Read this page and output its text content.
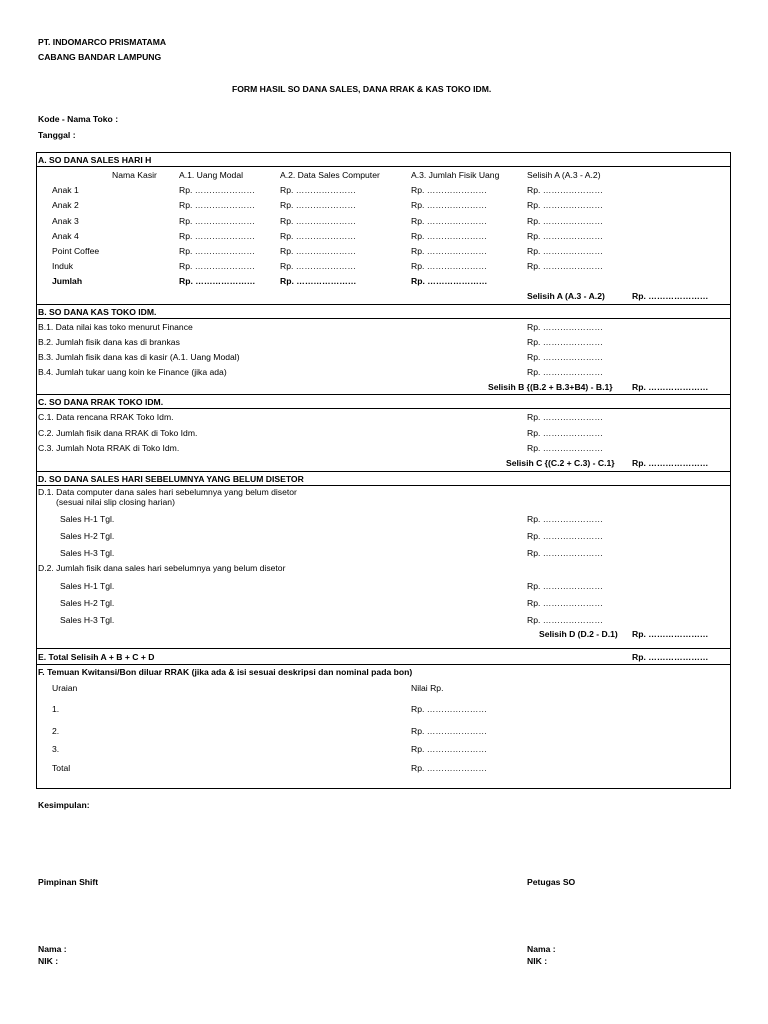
PT. INDOMARCO PRISMATAMA
CABANG BANDAR LAMPUNG
FORM HASIL SO DANA SALES, DANA RRAK & KAS TOKO IDM.
Kode - Nama Toko :
Tanggal :
A. SO DANA SALES HARI H
Nama Kasir	A.1. Uang Modal	A.2. Data Sales Computer	A.3. Jumlah Fisik Uang	Selisih A (A.3 - A.2)
Anak 1	Rp. …………………	Rp. …………………	Rp. …………………	Rp. …………………
Anak 2	Rp. …………………	Rp. …………………	Rp. …………………	Rp. …………………
Anak 3	Rp. …………………	Rp. …………………	Rp. …………………	Rp. …………………
Anak 4	Rp. …………………	Rp. …………………	Rp. …………………	Rp. …………………
Point Coffee	Rp. …………………	Rp. …………………	Rp. …………………	Rp. …………………
Induk	Rp. …………………	Rp. …………………	Rp. …………………	Rp. …………………
Jumlah	Rp. …………………	Rp. …………………	Rp. …………………
Selisih A (A.3 - A.2)	Rp. …………………
B. SO DANA KAS TOKO IDM.
B.1. Data nilai kas toko menurut Finance	Rp. …………………
B.2. Jumlah fisik dana kas di brankas	Rp. …………………
B.3. Jumlah fisik dana kas di kasir (A.1. Uang Modal)	Rp. …………………
B.4. Jumlah tukar uang koin ke Finance (jika ada)	Rp. …………………
Selisih B {(B.2 + B.3+B4) - B.1} Rp. …………………
C. SO DANA RRAK TOKO IDM.
C.1. Data rencana RRAK Toko Idm.	Rp. …………………
C.2. Jumlah fisik dana RRAK di Toko Idm.	Rp. …………………
C.3. Jumlah Nota RRAK di Toko Idm.	Rp. …………………
Selisih C {(C.2 + C.3) - C.1} Rp. …………………
D. SO DANA SALES HARI SEBELUMNYA YANG BELUM DISETOR
D.1. Data computer dana sales hari sebelumnya yang belum disetor
(sesuai nilai slip closing harian)
Sales H-1 Tgl.	Rp. …………………
Sales H-2 Tgl.	Rp. …………………
Sales H-3 Tgl.	Rp. …………………
D.2. Jumlah fisik dana sales hari sebelumnya yang belum disetor
Sales H-1 Tgl.	Rp. …………………
Sales H-2 Tgl.	Rp. …………………
Sales H-3 Tgl.	Rp. …………………
Selisih D (D.2 - D.1) Rp. …………………
E. Total Selisih A + B + C + D	Rp. …………………
F. Temuan Kwitansi/Bon diluar RRAK (jika ada & isi sesuai deskripsi dan nominal pada bon)
Uraian	Nilai Rp.
1.	Rp. …………………
2.	Rp. …………………
3.	Rp. …………………
Total	Rp. …………………
Kesimpulan:
Pimpinan Shift	Petugas SO
Nama :
NIK :
Nama :
NIK :
